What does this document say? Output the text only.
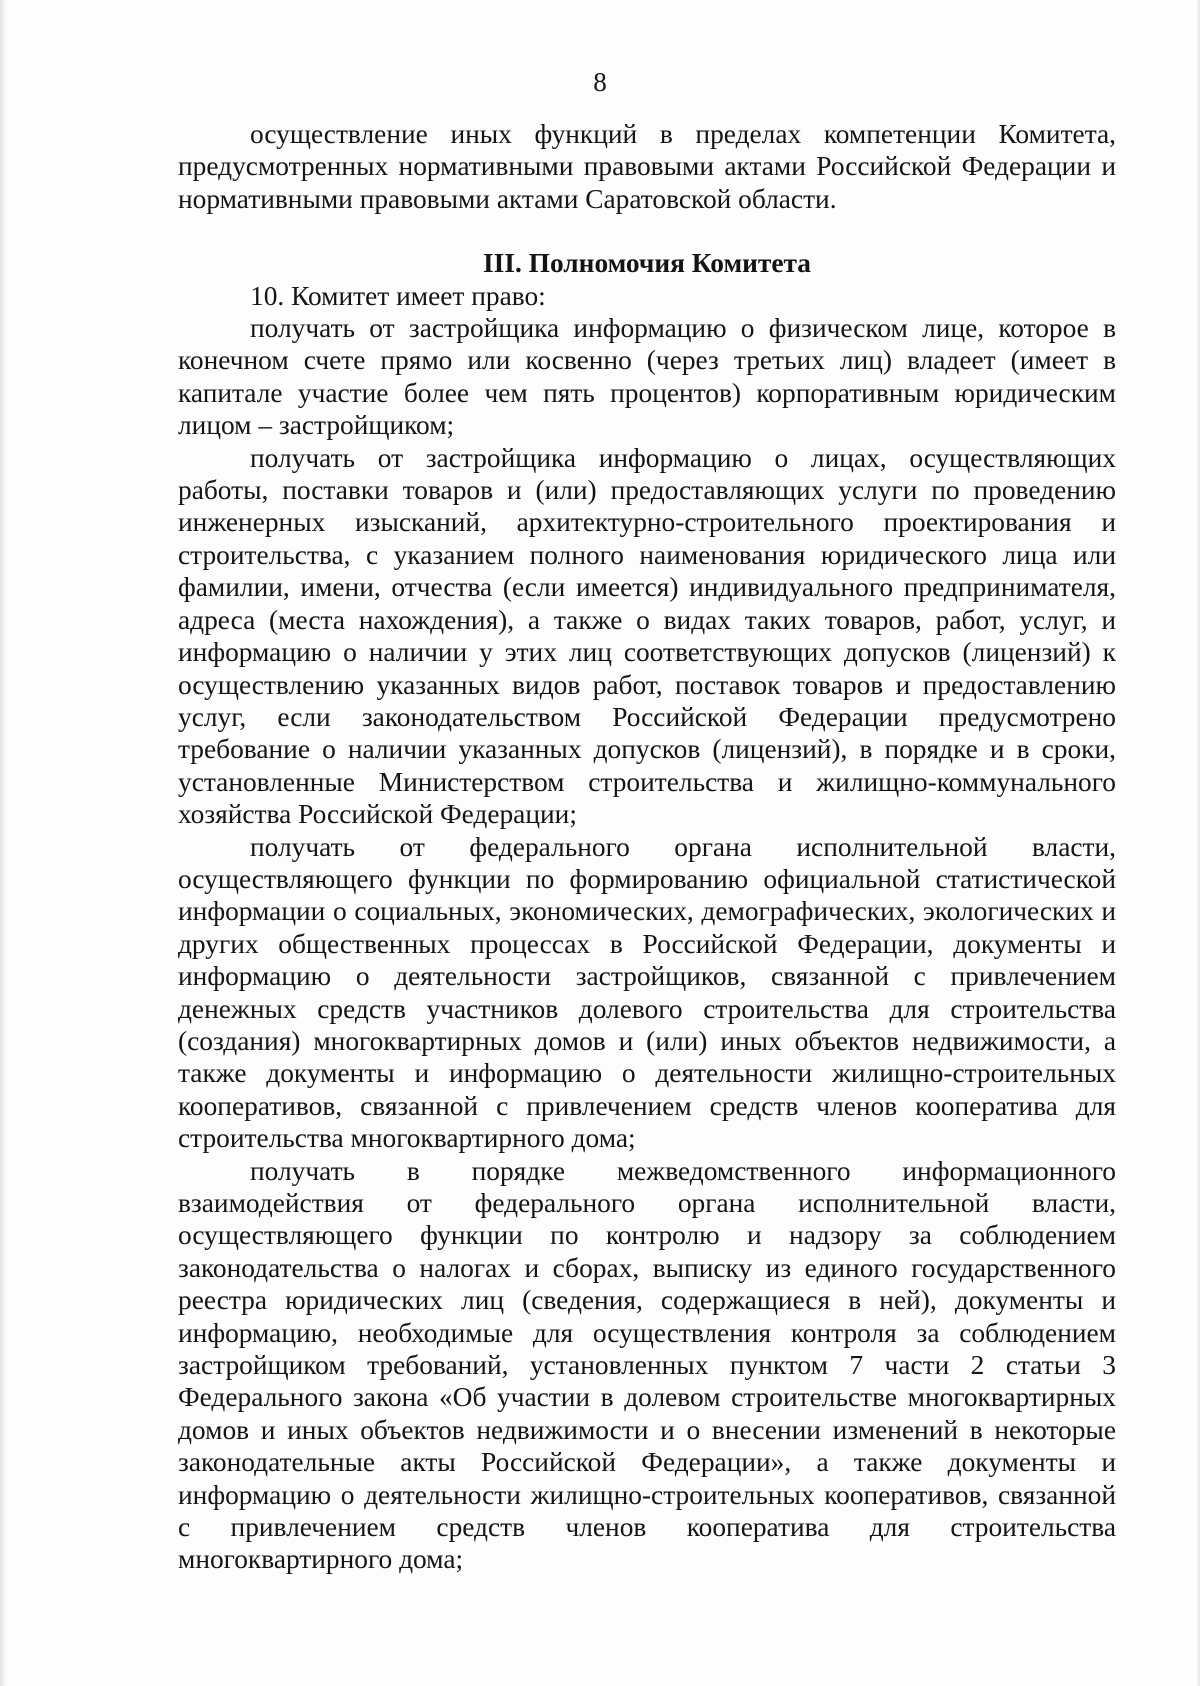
8

осуществление иных функций в пределах компетенции Комитета, предусмотренных нормативными правовыми актами Российской Федерации и нормативными правовыми актами Саратовской области.

III. Полномочия Комитета

10. Комитет имеет право:

получать от застройщика информацию о физическом лице, которое в конечном счете прямо или косвенно (через третьих лиц) владеет (имеет в капитале участие более чем пять процентов) корпоративным юридическим лицом – застройщиком;

получать от застройщика информацию о лицах, осуществляющих работы, поставки товаров и (или) предоставляющих услуги по проведению инженерных изысканий, архитектурно-строительного проектирования и строительства, с указанием полного наименования юридического лица или фамилии, имени, отчества (если имеется) индивидуального предпринимателя, адреса (места нахождения), а также о видах таких товаров, работ, услуг, и информацию о наличии у этих лиц соответствующих допусков (лицензий) к осуществлению указанных видов работ, поставок товаров и предоставлению услуг, если законодательством Российской Федерации предусмотрено требование о наличии указанных допусков (лицензий), в порядке и в сроки, установленные Министерством строительства и жилищно-коммунального хозяйства Российской Федерации;

получать от федерального органа исполнительной власти, осуществляющего функции по формированию официальной статистической информации о социальных, экономических, демографических, экологических и других общественных процессах в Российской Федерации, документы и информацию о деятельности застройщиков, связанной с привлечением денежных средств участников долевого строительства для строительства (создания) многоквартирных домов и (или) иных объектов недвижимости, а также документы и информацию о деятельности жилищно-строительных кооперативов, связанной с привлечением средств членов кооператива для строительства многоквартирного дома;

получать в порядке межведомственного информационного взаимодействия от федерального органа исполнительной власти, осуществляющего функции по контролю и надзору за соблюдением законодательства о налогах и сборах, выписку из единого государственного реестра юридических лиц (сведения, содержащиеся в ней), документы и информацию, необходимые для осуществления контроля за соблюдением застройщиком требований, установленных пунктом 7 части 2 статьи 3 Федерального закона «Об участии в долевом строительстве многоквартирных домов и иных объектов недвижимости и о внесении изменений в некоторые законодательные акты Российской Федерации», а также документы и информацию о деятельности жилищно-строительных кооперативов, связанной с привлечением средств членов кооператива для строительства многоквартирного дома;
